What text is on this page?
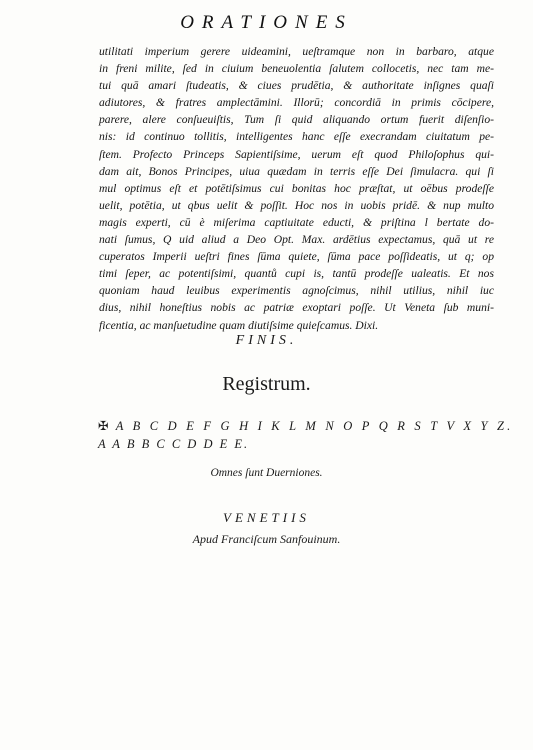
ORATIONES
utilitati imperium gerere uideamini, ueſtramque non in barbaro, atque
in freni milite, ſed in ciuium beneuolentia ſalutem collocetis, nec tam me-
tui quā amari ſtudeatis, & ciues prudētia, & authoritate inſignes quaſi
adiutores, & fratres amplectāmini. Illorū; concordiā in primis cōcipere,
parere, alere conſueuiſtis, Tum ſi quid aliquando ortum fuerit diſenſio-
nis: id continuo tollitis, intelligentes hanc eſſe execrandam ciuitatum pe-
ſtem. Profecto Princeps Sapientiſsime, uerum eſt quod Philoſophus qui-
dam ait, Bonos Principes, uiua quædam in terris eſſe Dei ſimulacra. qui ſi
mul optimus eſt et potētiſsimus cui bonitas hoc præſtat, ut oēbus prodeſſe
uelit, potētia, ut qbus uelit & poſſit. Hoc nos in uobis pridē. & nup multo
magis experti, cū è miſerima captiuitate educti, & priſtina l bertate do-
nati ſumus, Q uid aliud a Deo Opt. Max. ardētius expectamus, quā ut re
cuperatos Imperii ueſtri fines ſūma quiete, ſūma pace poſſideatis, ut q; op
timi ſeper, ac potentiſsimi, quantů cupi is, tantū prodeſſe ualeatis. Et nos
quoniam haud leuibus experimentis agnoſcimus, nihil utilius, nihil iuc
dius, nihil honeſtius nobis ac patriæ exoptari poſſe. Ut Veneta ſub muni-
ficentia, ac manſuetudine quam diutiſsime quieſcamus. Dixi.
FINIS.
Registrum.
✠ A B C D E F G H I K L M N O P Q R S T V X Y Z.
A A B B C C D D E E.
Omnes ſunt Duerniones.
VENETIIS
Apud Franciſcum Sanfouinum.
